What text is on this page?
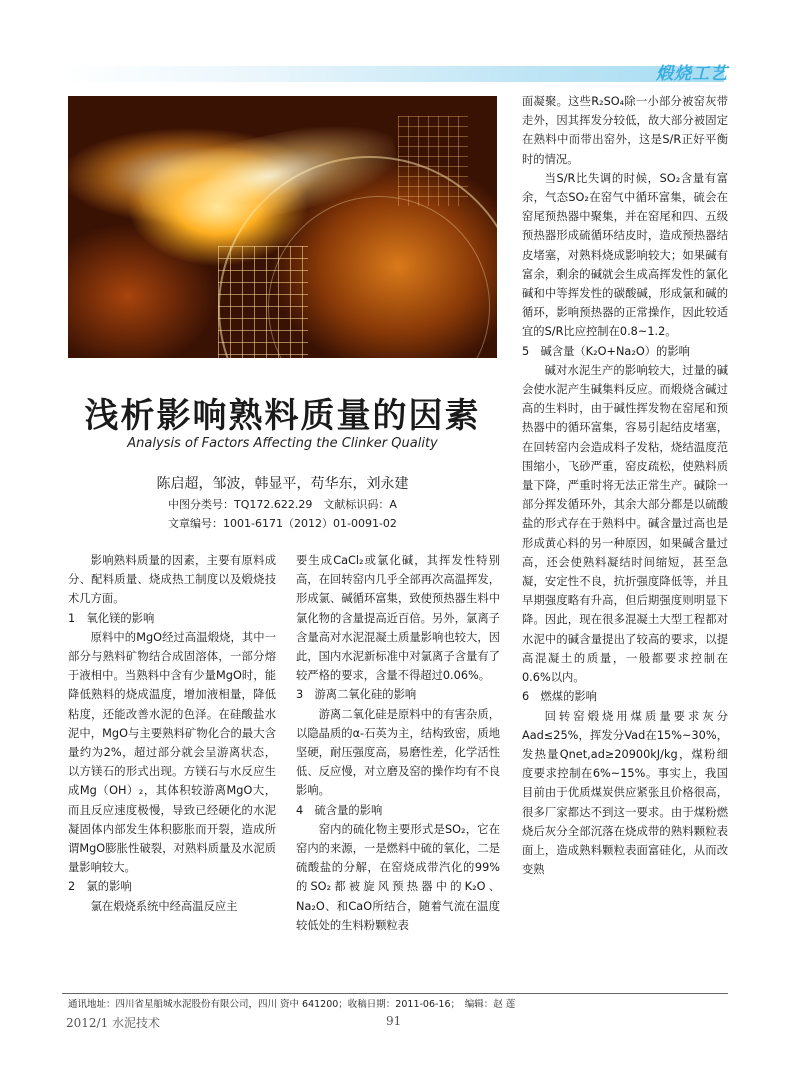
煅烧工艺
浅析影响熟料质量的因素
Analysis of Factors Affecting the Clinker Quality
陈启超，邹波，韩显平，苟华东，刘永建
中图分类号：TQ172.622.29　文献标识码：A
文章编号：1001-6171（2012）01-0091-02

影响熟料质量的因素，主要有原料成分、配料质量、烧成热工制度以及煅烧技术几方面。

1　氧化镁的影响

原料中的MgO经过高温煅烧，其中一部分与熟料矿物结合成固溶体，一部分熔于液相中。当熟料中含有少量MgO时，能降低熟料的烧成温度，增加液相量，降低粘度，还能改善水泥的色泽。在硅酸盐水泥中，MgO与主要熟料矿物化合的最大含量约为2%，超过部分就会呈游离状态，以方镁石的形式出现。方镁石与水反应生成Mg（OH）₂，其体积较游离MgO大，而且反应速度极慢，导致已经硬化的水泥凝固体内部发生体积膨胀而开裂，造成所谓MgO膨胀性破裂，对熟料质量及水泥质量影响较大。

2　氯的影响

氯在煅烧系统中经高温反应主

要生成CaCl₂或氯化碱，其挥发性特别高，在回转窑内几乎全部再次高温挥发，形成氯、碱循环富集，致使预热器生料中氯化物的含量提高近百倍。另外，氯离子含量高对水泥混凝土质量影响也较大，因此，国内水泥新标准中对氯离子含量有了较严格的要求，含量不得超过0.06%。

3　游离二氧化硅的影响

游离二氧化硅是原料中的有害杂质，以隐晶质的α-石英为主，结构致密，质地坚硬，耐压强度高，易磨性差，化学活性低、反应慢，对立磨及窑的操作均有不良影响。

4　硫含量的影响

窑内的硫化物主要形式是SO₂，它在窑内的来源，一是燃料中硫的氧化，二是硫酸盐的分解，在窑烧成带汽化的99%的SO₂都被旋风预热器中的K₂O、Na₂O、和CaO所结合，随着气流在温度较低处的生料粉颗粒表

面凝聚。这些R₂SO₄除一小部分被窑灰带走外，因其挥发分较低，故大部分被固定在熟料中而带出窑外，这是S/R正好平衡时的情况。

当S/R比失调的时候，SO₂含量有富余，气态SO₂在窑气中循环富集，硫会在窑尾预热器中聚集，并在窑尾和四、五级预热器形成硫循环结皮时，造成预热器结皮堵塞，对熟料烧成影响较大；如果碱有富余，剩余的碱就会生成高挥发性的氯化碱和中等挥发性的碳酸碱，形成氯和碱的循环，影响预热器的正常操作，因此较适宜的S/R比应控制在0.8~1.2。

5　碱含量（K₂O+Na₂O）的影响

碱对水泥生产的影响较大，过量的碱会使水泥产生碱集料反应。而煅烧含碱过高的生料时，由于碱性挥发物在窑尾和预热器中的循环富集，容易引起结皮堵塞，在回转窑内会造成料子发粘，烧结温度范围缩小，飞砂严重，窑皮疏松，使熟料质量下降，严重时将无法正常生产。碱除一部分挥发循环外，其余大部分都是以硫酸盐的形式存在于熟料中。碱含量过高也是形成黄心料的另一种原因，如果碱含量过高，还会使熟料凝结时间缩短，甚至急凝，安定性不良，抗折强度降低等，并且早期强度略有升高，但后期强度则明显下降。因此，现在很多混凝土大型工程都对水泥中的碱含量提出了较高的要求，以提高混凝土的质量，一般都要求控制在0.6%以内。

6　燃煤的影响

回转窑煅烧用煤质量要求灰分Aad≤25%，挥发分Vad在15%~30%，发热量Qnet,ad≥20900kJ/kg，煤粉细度要求控制在6%~15%。事实上，我国目前由于优质煤炭供应紧张且价格很高，很多厂家都达不到这一要求。由于煤粉燃烧后灰分全部沉落在烧成带的熟料颗粒表面上，造成熟料颗粒表面富硅化，从而改变熟

通讯地址：四川省星船城水泥股份有限公司，四川 资中 641200；收稿日期：2011-06-16；　编辑：赵 莲
2012/1 水泥技术	91
